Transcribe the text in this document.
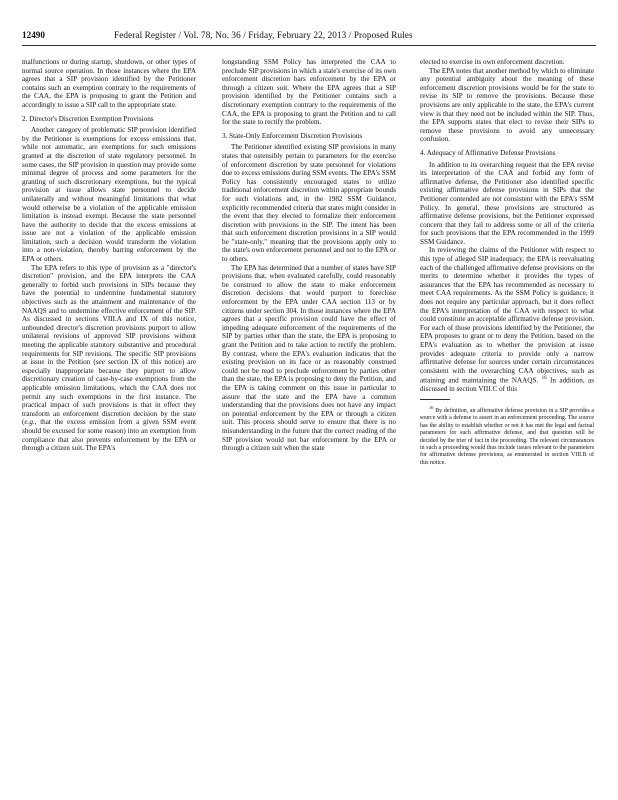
12490	Federal Register / Vol. 78, No. 36 / Friday, February 22, 2013 / Proposed Rules

malfunctions or during startup, shutdown, or other types of normal source operation. In those instances where the EPA agrees that a SIP provision identified by the Petitioner contains such an exemption contrary to the requirements of the CAA, the EPA is proposing to grant the Petition and accordingly to issue a SIP call to the appropriate state.

2. Director's Discretion Exemption Provisions

Another category of problematic SIP provision identified by the Petitioner is exemptions for excess emissions that, while not automatic, are exemptions for such emissions granted at the discretion of state regulatory personnel. In some cases, the SIP provision in question may provide some minimal degree of process and some parameters for the granting of such discretionary exemptions, but the typical provision at issue allows state personnel to decide unilaterally and without meaningful limitations that what would otherwise be a violation of the applicable emission limitation is instead exempt. Because the state personnel have the authority to decide that the excess emissions at issue are not a violation of the applicable emission limitation, such a decision would transform the violation into a non-violation, thereby barring enforcement by the EPA or others.

The EPA refers to this type of provision as a "director's discretion" provision, and the EPA interprets the CAA generally to forbid such provisions in SIPs because they have the potential to undermine fundamental statutory objectives such as the attainment and maintenance of the NAAQS and to undermine effective enforcement of the SIP. As discussed in sections VIII.A and IX of this notice, unbounded director's discretion provisions purport to allow unilateral revisions of approved SIP provisions without meeting the applicable statutory substantive and procedural requirements for SIP revisions. The specific SIP provisions at issue in the Petition (see section IX of this notice) are especially inappropriate because they purport to allow discretionary creation of case-by-case exemptions from the applicable emission limitations, which the CAA does not permit any such exemptions in the first instance. The practical impact of such provisions is that in effect they transform an enforcement discretion decision by the state (e.g., that the excess emission from a given SSM event should be excused for some reason) into an exemption from compliance that also prevents enforcement by the EPA or through a citizen suit. The EPA's

longstanding SSM Policy has interpreted the CAA to preclude SIP provisions in which a state's exercise of its own enforcement discretion bars enforcement by the EPA or through a citizen suit. Where the EPA agrees that a SIP provision identified by the Petitioner contains such a discretionary exemption contrary to the requirements of the CAA, the EPA is proposing to grant the Petition and to call for the state to rectify the problem.

3. State-Only Enforcement Discretion Provisions

The Petitioner identified existing SIP provisions in many states that ostensibly pertain to parameters for the exercise of enforcement discretion by state personnel for violations due to excess emissions during SSM events. The EPA's SSM Policy has consistently encouraged states to utilize traditional enforcement discretion within appropriate bounds for such violations and, in the 1982 SSM Guidance, explicitly recommended criteria that states might consider in the event that they elected to formalize their enforcement discretion with provisions in the SIP. The intent has been that such enforcement discretion provisions in a SIP would be "state-only," meaning that the provisions apply only to the state's own enforcement personnel and not to the EPA or to others.

The EPA has determined that a number of states have SIP provisions that, when evaluated carefully, could reasonably be construed to allow the state to make enforcement discretion decisions that would purport to foreclose enforcement by the EPA under CAA section 113 or by citizens under section 304. In those instances where the EPA agrees that a specific provision could have the effect of impeding adequate enforcement of the requirements of the SIP by parties other than the state, the EPA is proposing to grant the Petition and to take action to rectify the problem. By contrast, where the EPA's evaluation indicates that the existing provision on its face or as reasonably construed could not be read to preclude enforcement by parties other than the state, the EPA is proposing to deny the Petition, and the EPA is taking comment on this issue in particular to assure that the state and the EPA have a common understanding that the provisions does not have any impact on potential enforcement by the EPA or through a citizen suit. This process should serve to ensure that there is no misunderstanding in the future that the correct reading of the SIP provision would not bar enforcement by the EPA or through a citizen suit when the state

elected to exercise its own enforcement discretion.

The EPA notes that another method by which to eliminate any potential ambiguity about the meaning of these enforcement discretion provisions would be for the state to revise its SIP to remove the provisions. Because these provisions are only applicable to the state, the EPA's current view is that they need not be included within the SIP. Thus, the EPA supports states that elect to revise their SIPs to remove these provisions to avoid any unnecessary confusion.

4. Adequacy of Affirmative Defense Provisions

In addition to its overarching request that the EPA revise its interpretation of the CAA and forbid any form of affirmative defense, the Petitioner also identified specific existing affirmative defense provisions in SIPs that the Petitioner contended are not consistent with the EPA's SSM Policy. In general, these provisions are structured as affirmative defense provisions, but the Petitioner expressed concern that they fail to address some or all of the criteria for such provisions that the EPA recommended in the 1999 SSM Guidance.

In reviewing the claims of the Petitioner with respect to this type of alleged SIP inadequacy, the EPA is reevaluating each of the challenged affirmative defense provisions on the merits to determine whether it provides the types of assurances that the EPA has recommended as necessary to meet CAA requirements. As the SSM Policy is guidance, it does not require any particular approach, but it does reflect the EPA's interpretation of the CAA with respect to what could constitute an acceptable affirmative defense provision. For each of those provisions identified by the Petitioner, the EPA proposes to grant or to deny the Petition, based on the EPA's evaluation as to whether the provision at issue provides adequate criteria to provide only a narrow affirmative defense for sources under certain circumstances consistent with the overarching CAA objectives, such as attaining and maintaining the NAAQS. $^{16}$ In addition, as discussed in section VIII.C of this

$^{16}$ By definition, an affirmative defense provision in a SIP provides a source with a defense to assert in an enforcement proceeding. The source has the ability to establish whether or not it has met the legal and factual parameters for such affirmative defense, and that question will be decided by the trier of fact in the proceeding. The relevant circumstances in such a proceeding would thus include issues relevant to the parameters for affirmative defense provisions, as enumerated in section VIII.B of this notice.
